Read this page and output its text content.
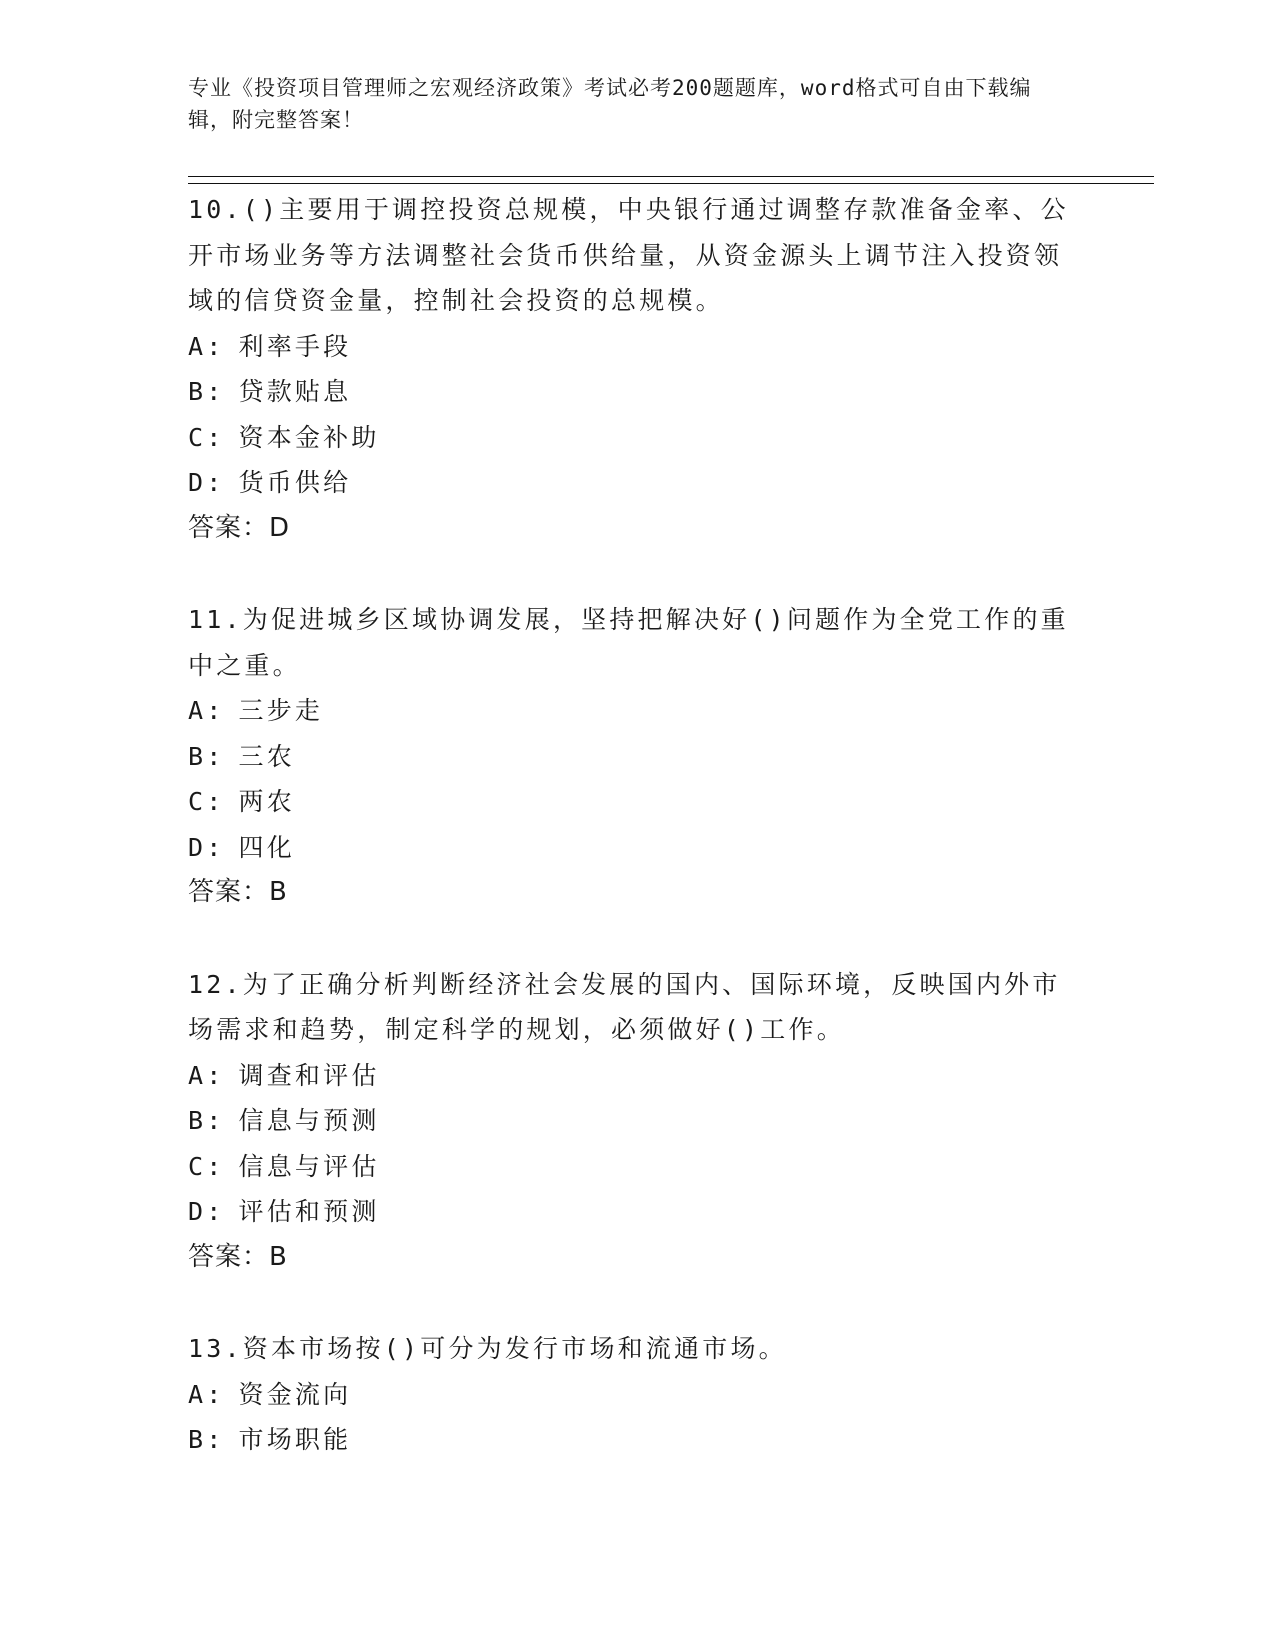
专业《投资项目管理师之宏观经济政策》考试必考200题题库，word格式可自由下载编辑，附完整答案！

10.()主要用于调控投资总规模，中央银行通过调整存款准备金率、公开市场业务等方法调整社会货币供给量，从资金源头上调节注入投资领域的信贷资金量，控制社会投资的总规模。

A: 利率手段

B: 贷款贴息

C: 资本金补助

D: 货币供给

答案：D

11.为促进城乡区域协调发展，坚持把解决好()问题作为全党工作的重中之重。

A: 三步走

B: 三农

C: 两农

D: 四化

答案：B

12.为了正确分析判断经济社会发展的国内、国际环境，反映国内外市场需求和趋势，制定科学的规划，必须做好()工作。

A: 调查和评估

B: 信息与预测

C: 信息与评估

D: 评估和预测

答案：B

13.资本市场按()可分为发行市场和流通市场。

A: 资金流向

B: 市场职能
